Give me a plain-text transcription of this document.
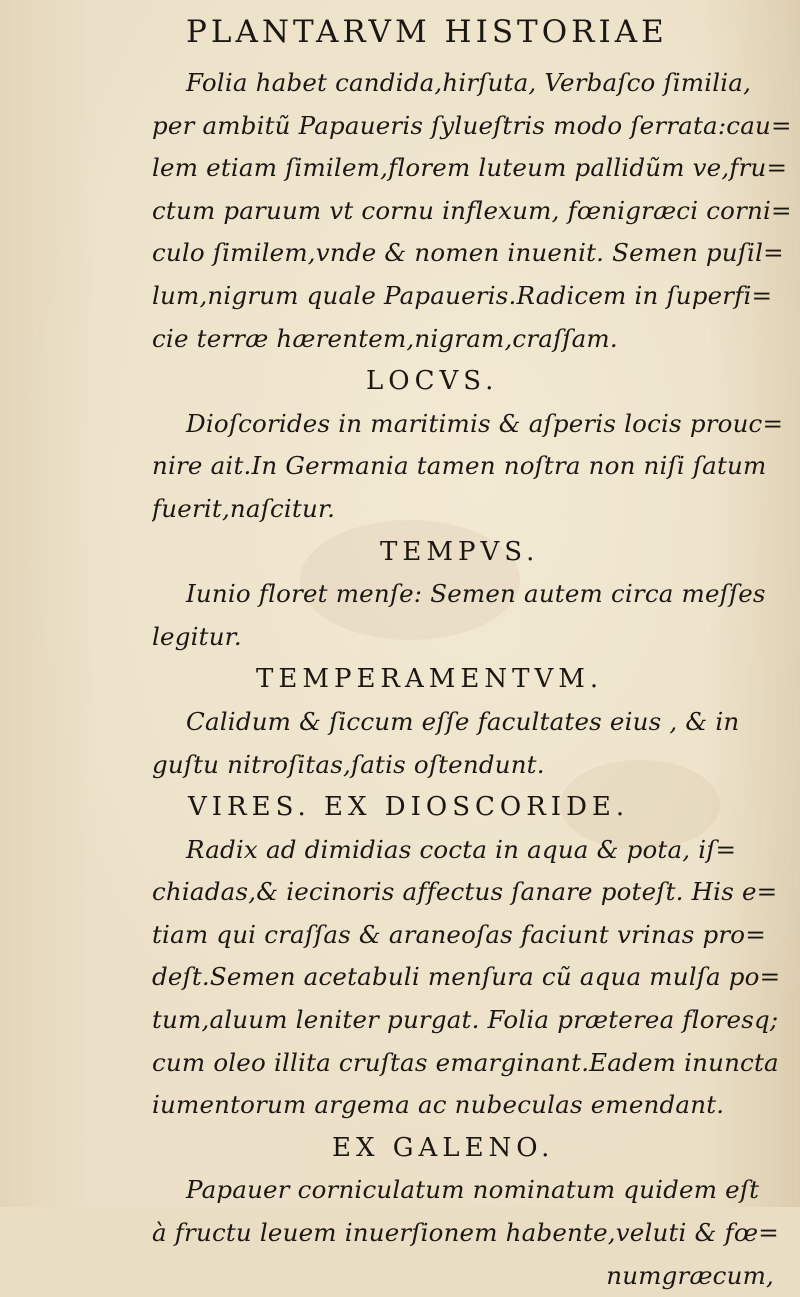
PLANTARVM HISTORIAE
Folia habet candida,hirſuta, Verbaſco ſimilia,
per ambitũ Papaueris ſylueſtris modo ſerrata:cau=
lem etiam ſimilem,florem luteum pallidũm ve,fru=
ctum paruum vt cornu inflexum, fœnigræci corni=
culo ſimilem,vnde & nomen inuenit. Semen puſil=
lum,nigrum quale Papaueris.Radicem in ſuperfi=
cie terræ hærentem,nigram,craſſam.
LOCVS.
Dioſcorides in maritimis & aſperis locis prouc=
nire ait.In Germania tamen noſtra non niſi ſatum
fuerit,naſcitur.
TEMPVS.
Iunio floret menſe: Semen autem circa meſſes
legitur.
TEMPERAMENTVM.
Calidum & ſiccum eſſe facultates eius , & in
guſtu nitroſitas,ſatis oſtendunt.
VIRES. EX DIOSCORIDE.
Radix ad dimidias cocta in aqua & pota, iſ=
chiadas,& iecinoris affectus ſanare poteſt. His e=
tiam qui craſſas & araneoſas faciunt vrinas pro=
deſt.Semen acetabuli menſura cũ aqua mulſa po=
tum,aluum leniter purgat. Folia præterea floresq;
cum oleo illita cruſtas emarginant.Eadem inuncta
iumentorum argema ac nubeculas emendant.
EX GALENO.
Papauer corniculatum nominatum quidem eſt
à fructu leuem inuerſionem habente,veluti & fœ=
numgræcum,
